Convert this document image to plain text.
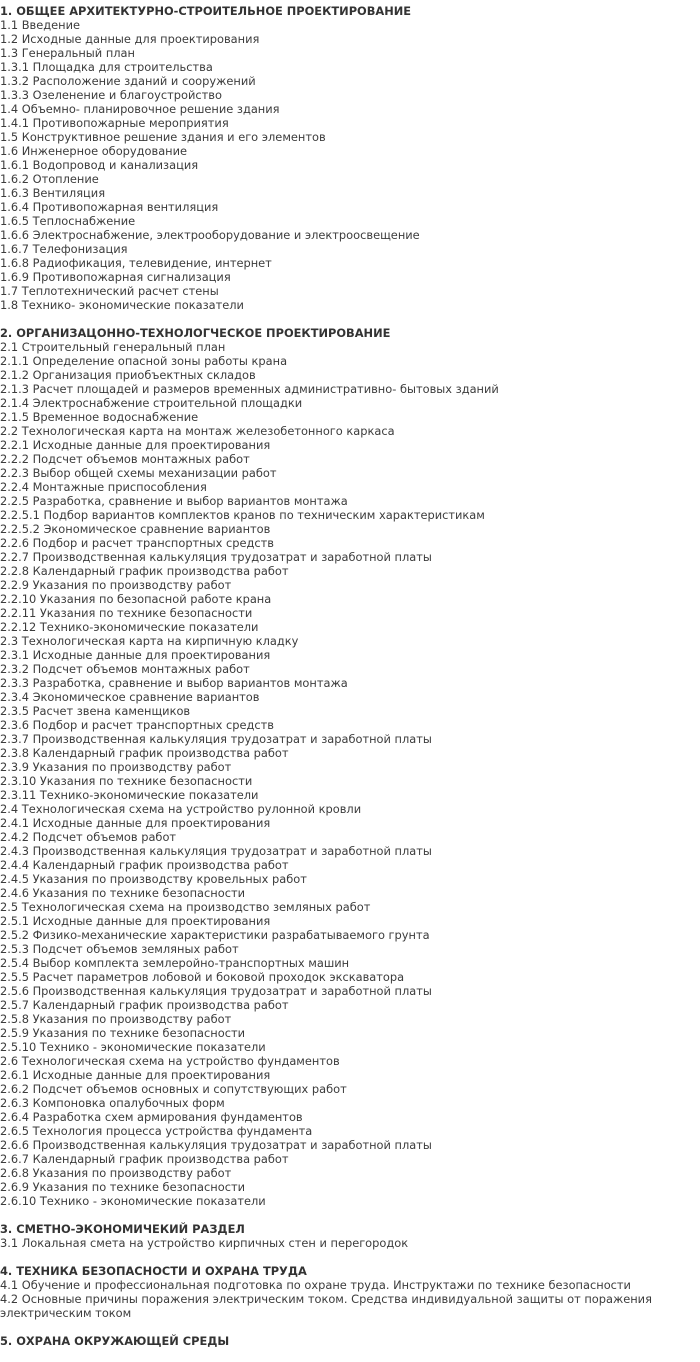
1. ОБЩЕЕ АРХИТЕКТУРНО-СТРОИТЕЛЬНОЕ ПРОЕКТИРОВАНИЕ
1.1 Введение
1.2 Исходные данные для проектирования
1.3 Генеральный план
1.3.1 Площадка для строительства
1.3.2 Расположение зданий и сооружений
1.3.3 Озеленение и благоустройство
1.4 Объемно- планировочное решение здания
1.4.1 Противопожарные мероприятия
1.5 Конструктивное решение здания и его элементов
1.6 Инженерное оборудование
1.6.1 Водопровод и канализация
1.6.2 Отопление
1.6.3 Вентиляция
1.6.4 Противопожарная вентиляция
1.6.5 Теплоснабжение
1.6.6 Электроснабжение, электрооборудование и электроосвещение
1.6.7 Телефонизация
1.6.8 Радиофикация, телевидение, интернет
1.6.9 Противопожарная сигнализация
1.7 Теплотехнический расчет стены
1.8 Технико- экономические показатели
2. ОРГАНИЗАЦОННО-ТЕХНОЛОГЧЕСКОЕ ПРОЕКТИРОВАНИЕ
2.1 Строительный генеральный план
2.1.1 Определение опасной зоны работы крана
2.1.2 Организация приобъектных складов
2.1.3 Расчет площадей и размеров временных административно- бытовых зданий
2.1.4 Электроснабжение строительной площадки
2.1.5 Временное водоснабжение
2.2 Технологическая карта на монтаж железобетонного каркаса
2.2.1 Исходные данные для проектирования
2.2.2 Подсчет объемов монтажных работ
2.2.3 Выбор общей схемы механизации работ
2.2.4 Монтажные приспособления
2.2.5 Разработка, сравнение и выбор вариантов монтажа
2.2.5.1 Подбор вариантов комплектов кранов по техническим характеристикам
2.2.5.2 Экономическое сравнение вариантов
2.2.6 Подбор и расчет транспортных средств
2.2.7 Производственная калькуляция трудозатрат и заработной платы
2.2.8 Календарный график производства работ
2.2.9 Указания по производству работ
2.2.10 Указания по безопасной работе крана
2.2.11 Указания по технике безопасности
2.2.12 Технико-экономические показатели
2.3 Технологическая карта на кирпичную кладку
2.3.1 Исходные данные для проектирования
2.3.2 Подсчет объемов монтажных работ
2.3.3 Разработка, сравнение и выбор вариантов монтажа
2.3.4 Экономическое сравнение вариантов
2.3.5 Расчет звена каменщиков
2.3.6 Подбор и расчет транспортных средств
2.3.7 Производственная калькуляция трудозатрат и заработной платы
2.3.8 Календарный график производства работ
2.3.9 Указания по производству работ
2.3.10 Указания по технике безопасности
2.3.11 Технико-экономические показатели
2.4 Технологическая схема на устройство рулонной кровли
2.4.1 Исходные данные для проектирования
2.4.2 Подсчет объемов работ
2.4.3 Производственная калькуляция трудозатрат и заработной платы
2.4.4 Календарный график производства работ
2.4.5 Указания по производству кровельных работ
2.4.6 Указания по технике безопасности
2.5 Технологическая схема на производство земляных работ
2.5.1 Исходные данные для проектирования
2.5.2 Физико-механические характеристики разрабатываемого грунта
2.5.3 Подсчет объемов земляных работ
2.5.4 Выбор комплекта землеройно-транспортных машин
2.5.5 Расчет параметров лобовой и боковой проходок экскаватора
2.5.6 Производственная калькуляция трудозатрат и заработной платы
2.5.7 Календарный график производства работ
2.5.8 Указания по производству работ
2.5.9 Указания по технике безопасности
2.5.10 Технико - экономические показатели
2.6 Технологическая схема на устройство фундаментов
2.6.1 Исходные данные для проектирования
2.6.2 Подсчет объемов основных и сопутствующих работ
2.6.3 Компоновка опалубочных форм
2.6.4 Разработка схем армирования фундаментов
2.6.5 Технология процесса устройства фундамента
2.6.6 Производственная калькуляция трудозатрат и заработной платы
2.6.7 Календарный график производства работ
2.6.8 Указания по производству работ
2.6.9 Указания по технике безопасности
2.6.10 Технико - экономические показатели
3. СМЕТНО-ЭКОНОМИЧЕКИЙ РАЗДЕЛ
3.1 Локальная смета на устройство кирпичных стен и перегородок
4. ТЕХНИКА БЕЗОПАСНОСТИ И ОХРАНА ТРУДА
4.1 Обучение и профессиональная подготовка по охране труда. Инструктажи по технике безопасности
4.2 Основные причины поражения электрическим током. Средства индивидуальной защиты от поражения электрическим током
5. ОХРАНА ОКРУЖАЮЩЕЙ СРЕДЫ
